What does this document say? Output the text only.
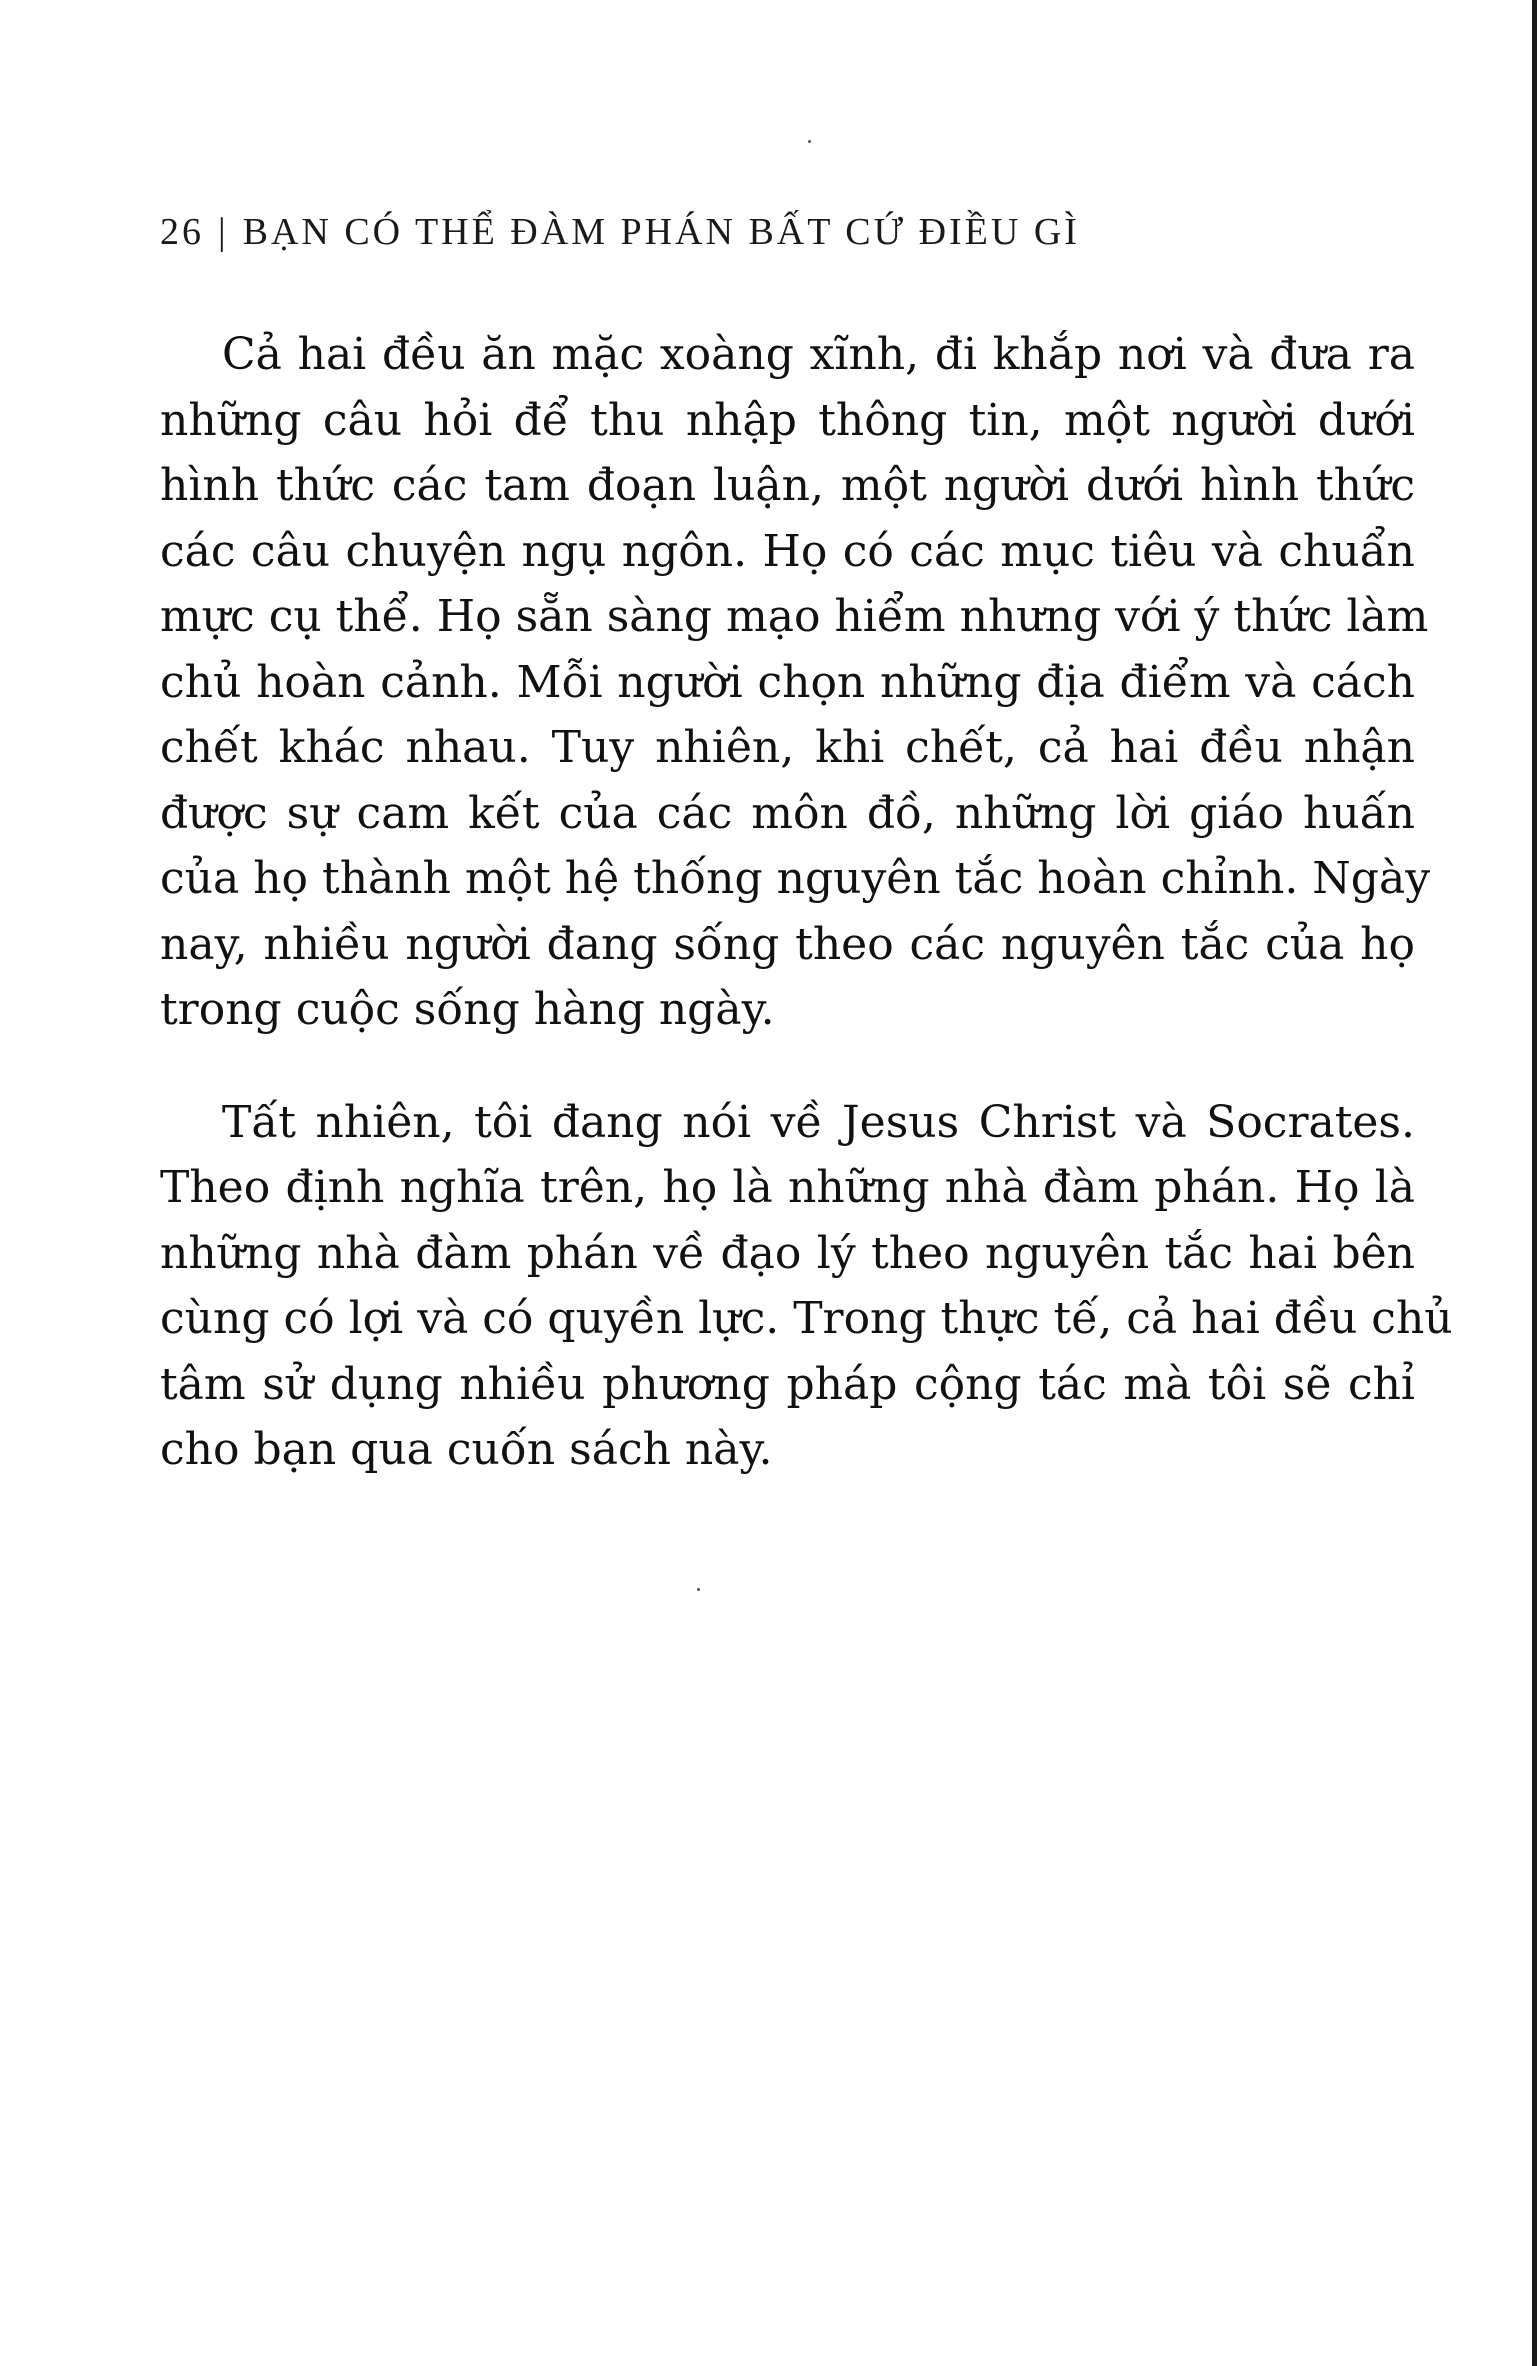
26 | BẠN CÓ THỂ ĐÀM PHÁN BẤT CỨ ĐIỀU GÌ
Cả hai đều ăn mặc xoàng xĩnh, đi khắp nơi và đưa ra
những câu hỏi để thu nhập thông tin, một người dưới
hình thức các tam đoạn luận, một người dưới hình thức
các câu chuyện ngụ ngôn. Họ có các mục tiêu và chuẩn
mực cụ thể. Họ sẵn sàng mạo hiểm nhưng với ý thức làm
chủ hoàn cảnh. Mỗi người chọn những địa điểm và cách
chết khác nhau. Tuy nhiên, khi chết, cả hai đều nhận
được sự cam kết của các môn đồ, những lời giáo huấn
của họ thành một hệ thống nguyên tắc hoàn chỉnh. Ngày
nay, nhiều người đang sống theo các nguyên tắc của họ
trong cuộc sống hàng ngày.
Tất nhiên, tôi đang nói về Jesus Christ và Socrates.
Theo định nghĩa trên, họ là những nhà đàm phán. Họ là
những nhà đàm phán về đạo lý theo nguyên tắc hai bên
cùng có lợi và có quyền lực. Trong thực tế, cả hai đều chủ
tâm sử dụng nhiều phương pháp cộng tác mà tôi sẽ chỉ
cho bạn qua cuốn sách này.
